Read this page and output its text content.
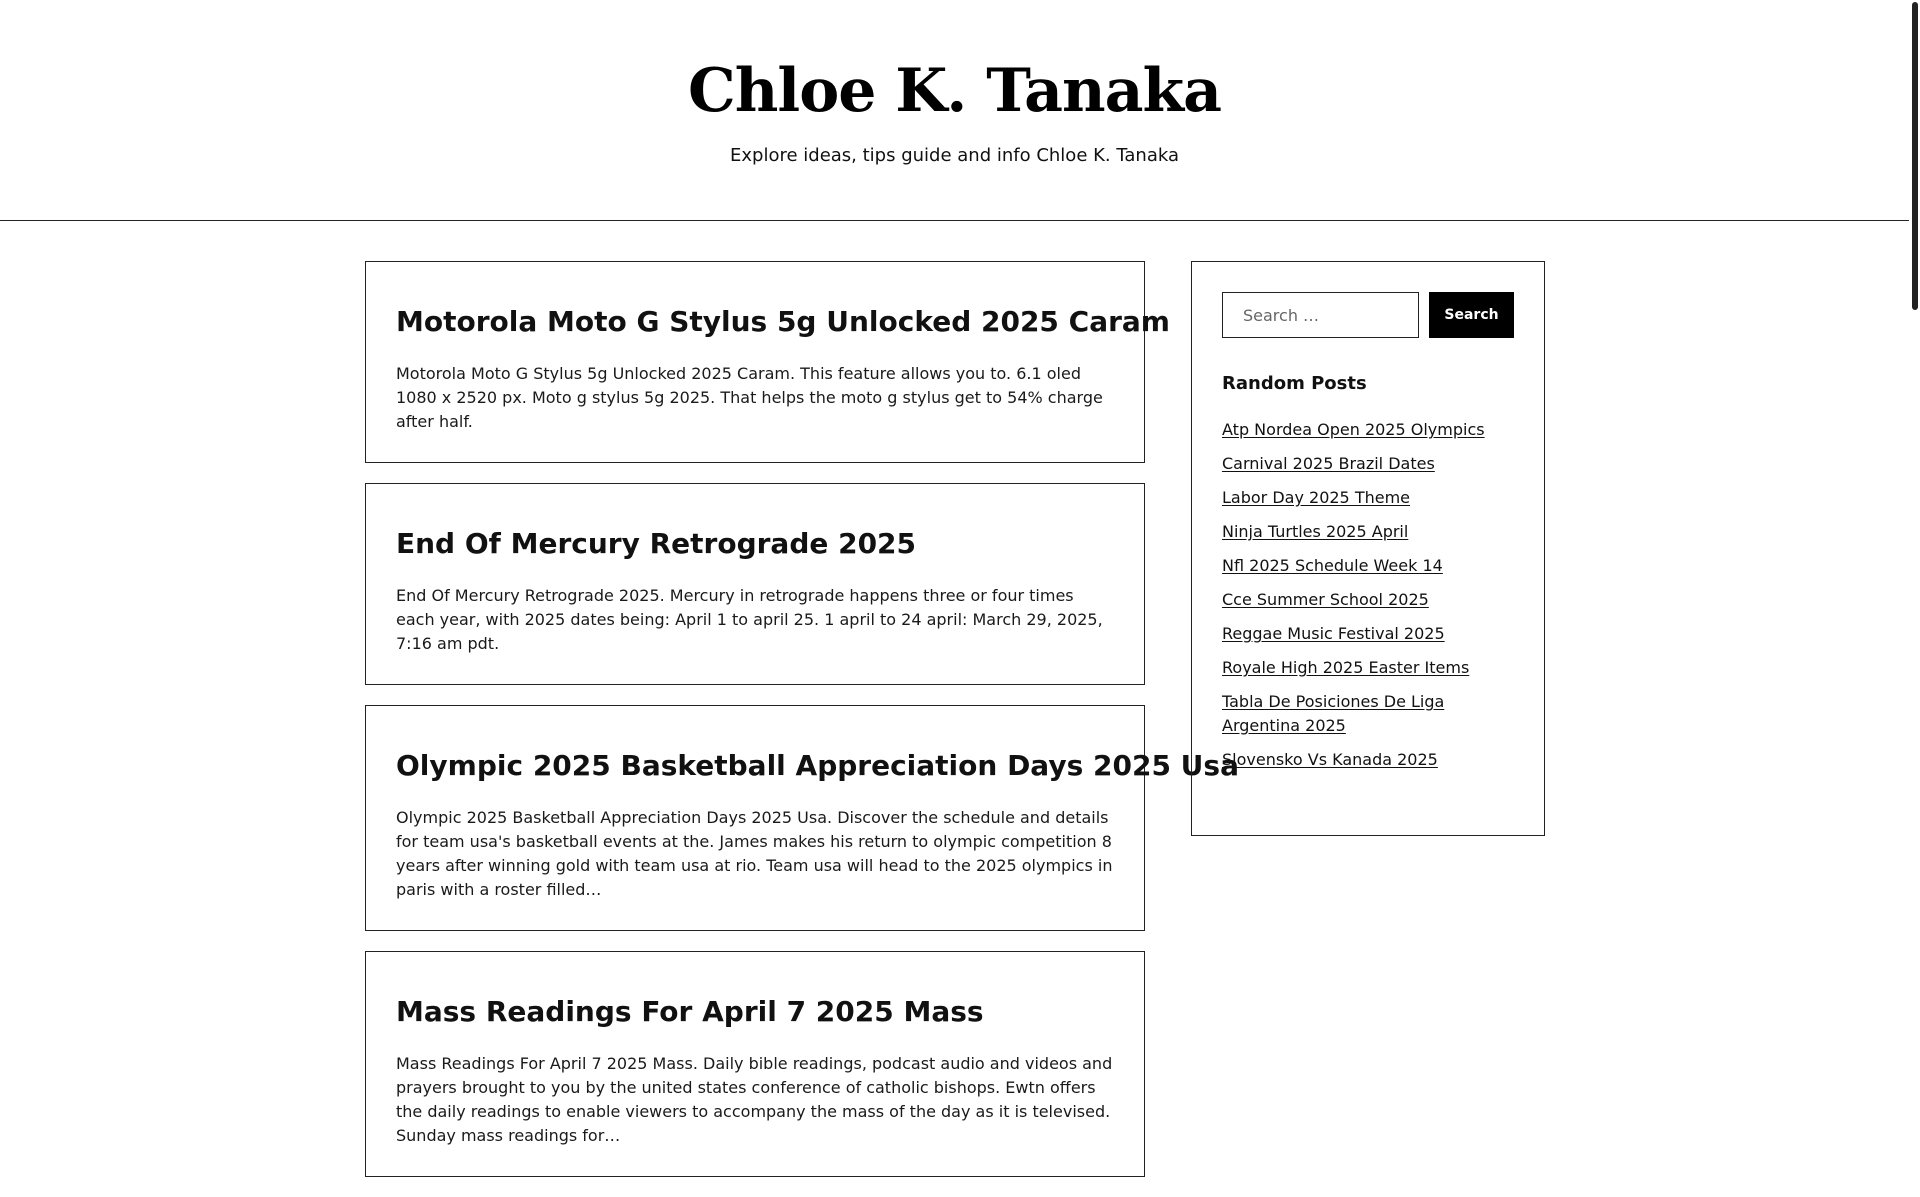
Chloe K. Tanaka

Explore ideas, tips guide and info Chloe K. Tanaka

Motorola Moto G Stylus 5g Unlocked 2025 Caram

Motorola Moto G Stylus 5g Unlocked 2025 Caram. This feature allows you to. 6.1 oled 1080 x 2520 px. Moto g stylus 5g 2025. That helps the moto g stylus get to 54% charge after half.

End Of Mercury Retrograde 2025

End Of Mercury Retrograde 2025. Mercury in retrograde happens three or four times each year, with 2025 dates being: April 1 to april 25. 1 april to 24 april: March 29, 2025, 7:16 am pdt.

Olympic 2025 Basketball Appreciation Days 2025 Usa

Olympic 2025 Basketball Appreciation Days 2025 Usa. Discover the schedule and details for team usa's basketball events at the. James makes his return to olympic competition 8 years after winning gold with team usa at rio. Team usa will head to the 2025 olympics in paris with a roster filled…

Mass Readings For April 7 2025 Mass

Mass Readings For April 7 2025 Mass. Daily bible readings, podcast audio and videos and prayers brought to you by the united states conference of catholic bishops. Ewtn offers the daily readings to enable viewers to accompany the mass of the day as it is televised. Sunday mass readings for…

Search …
Search
Random Posts
Atp Nordea Open 2025 Olympics
Carnival 2025 Brazil Dates
Labor Day 2025 Theme
Ninja Turtles 2025 April
Nfl 2025 Schedule Week 14
Cce Summer School 2025
Reggae Music Festival 2025
Royale High 2025 Easter Items
Tabla De Posiciones De Liga Argentina 2025
Slovensko Vs Kanada 2025
